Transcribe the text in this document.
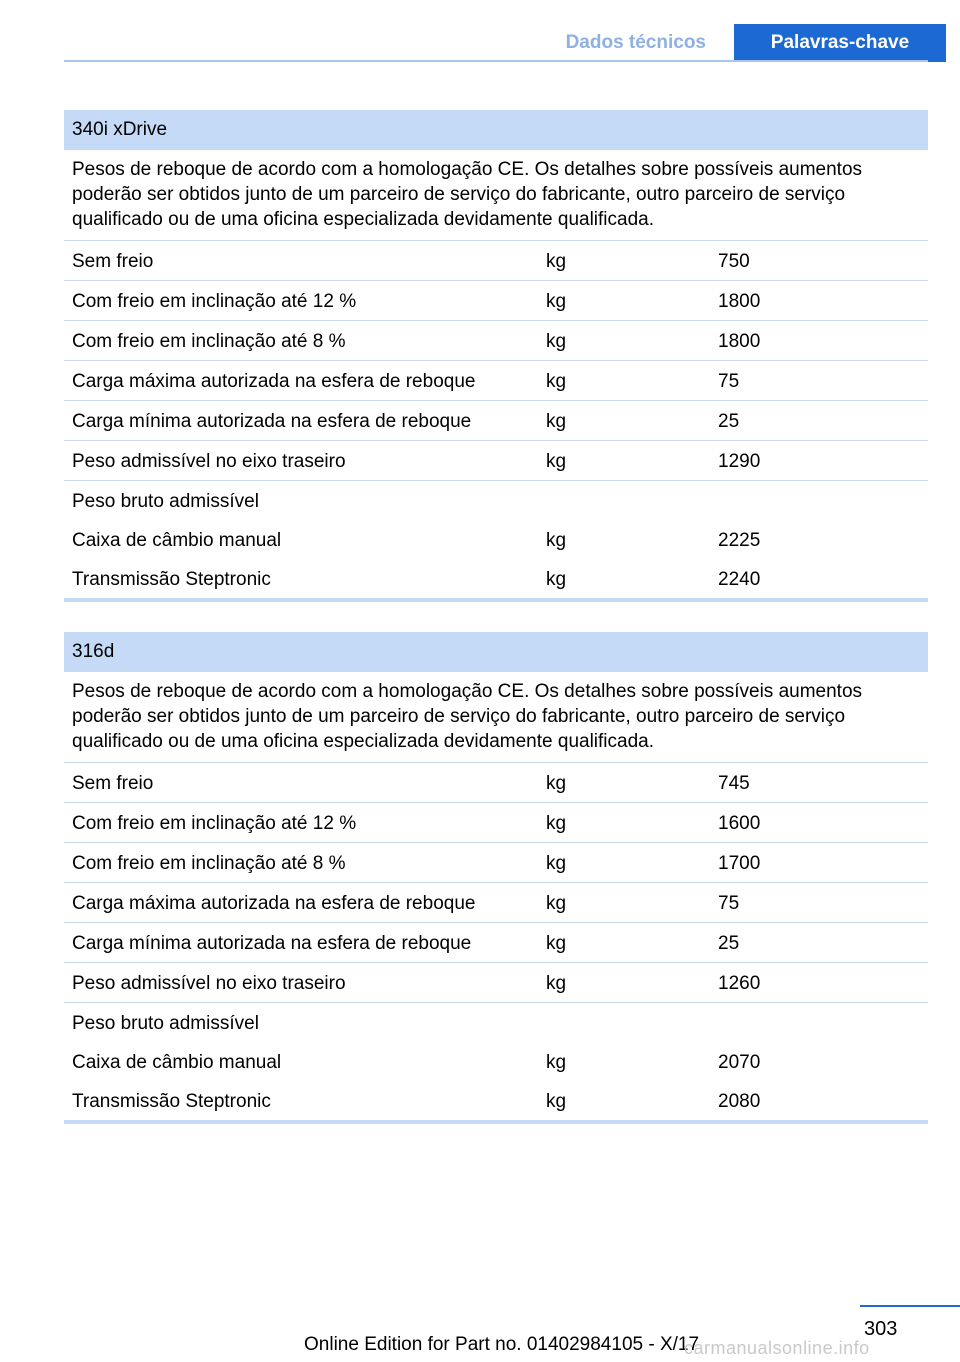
Dados técnicos	Palavras-chave
340i xDrive
Pesos de reboque de acordo com a homologação CE. Os detalhes sobre possíveis aumentos poderão ser obtidos junto de um parceiro de serviço do fabricante, outro parceiro de serviço qualificado ou de uma oficina especializada devidamente qualificada.
Sem freio	kg	750
Com freio em inclinação até 12 %	kg	1800
Com freio em inclinação até 8 %	kg	1800
Carga máxima autorizada na esfera de reboque	kg	75
Carga mínima autorizada na esfera de reboque	kg	25
Peso admissível no eixo traseiro	kg	1290
Peso bruto admissível
Caixa de câmbio manual	kg	2225
Transmissão Steptronic	kg	2240
316d
Pesos de reboque de acordo com a homologação CE. Os detalhes sobre possíveis aumentos poderão ser obtidos junto de um parceiro de serviço do fabricante, outro parceiro de serviço qualificado ou de uma oficina especializada devidamente qualificada.
Sem freio	kg	745
Com freio em inclinação até 12 %	kg	1600
Com freio em inclinação até 8 %	kg	1700
Carga máxima autorizada na esfera de reboque	kg	75
Carga mínima autorizada na esfera de reboque	kg	25
Peso admissível no eixo traseiro	kg	1260
Peso bruto admissível
Caixa de câmbio manual	kg	2070
Transmissão Steptronic	kg	2080
303
Online Edition for Part no. 01402984105 - X/17
carmanualsonline.info
